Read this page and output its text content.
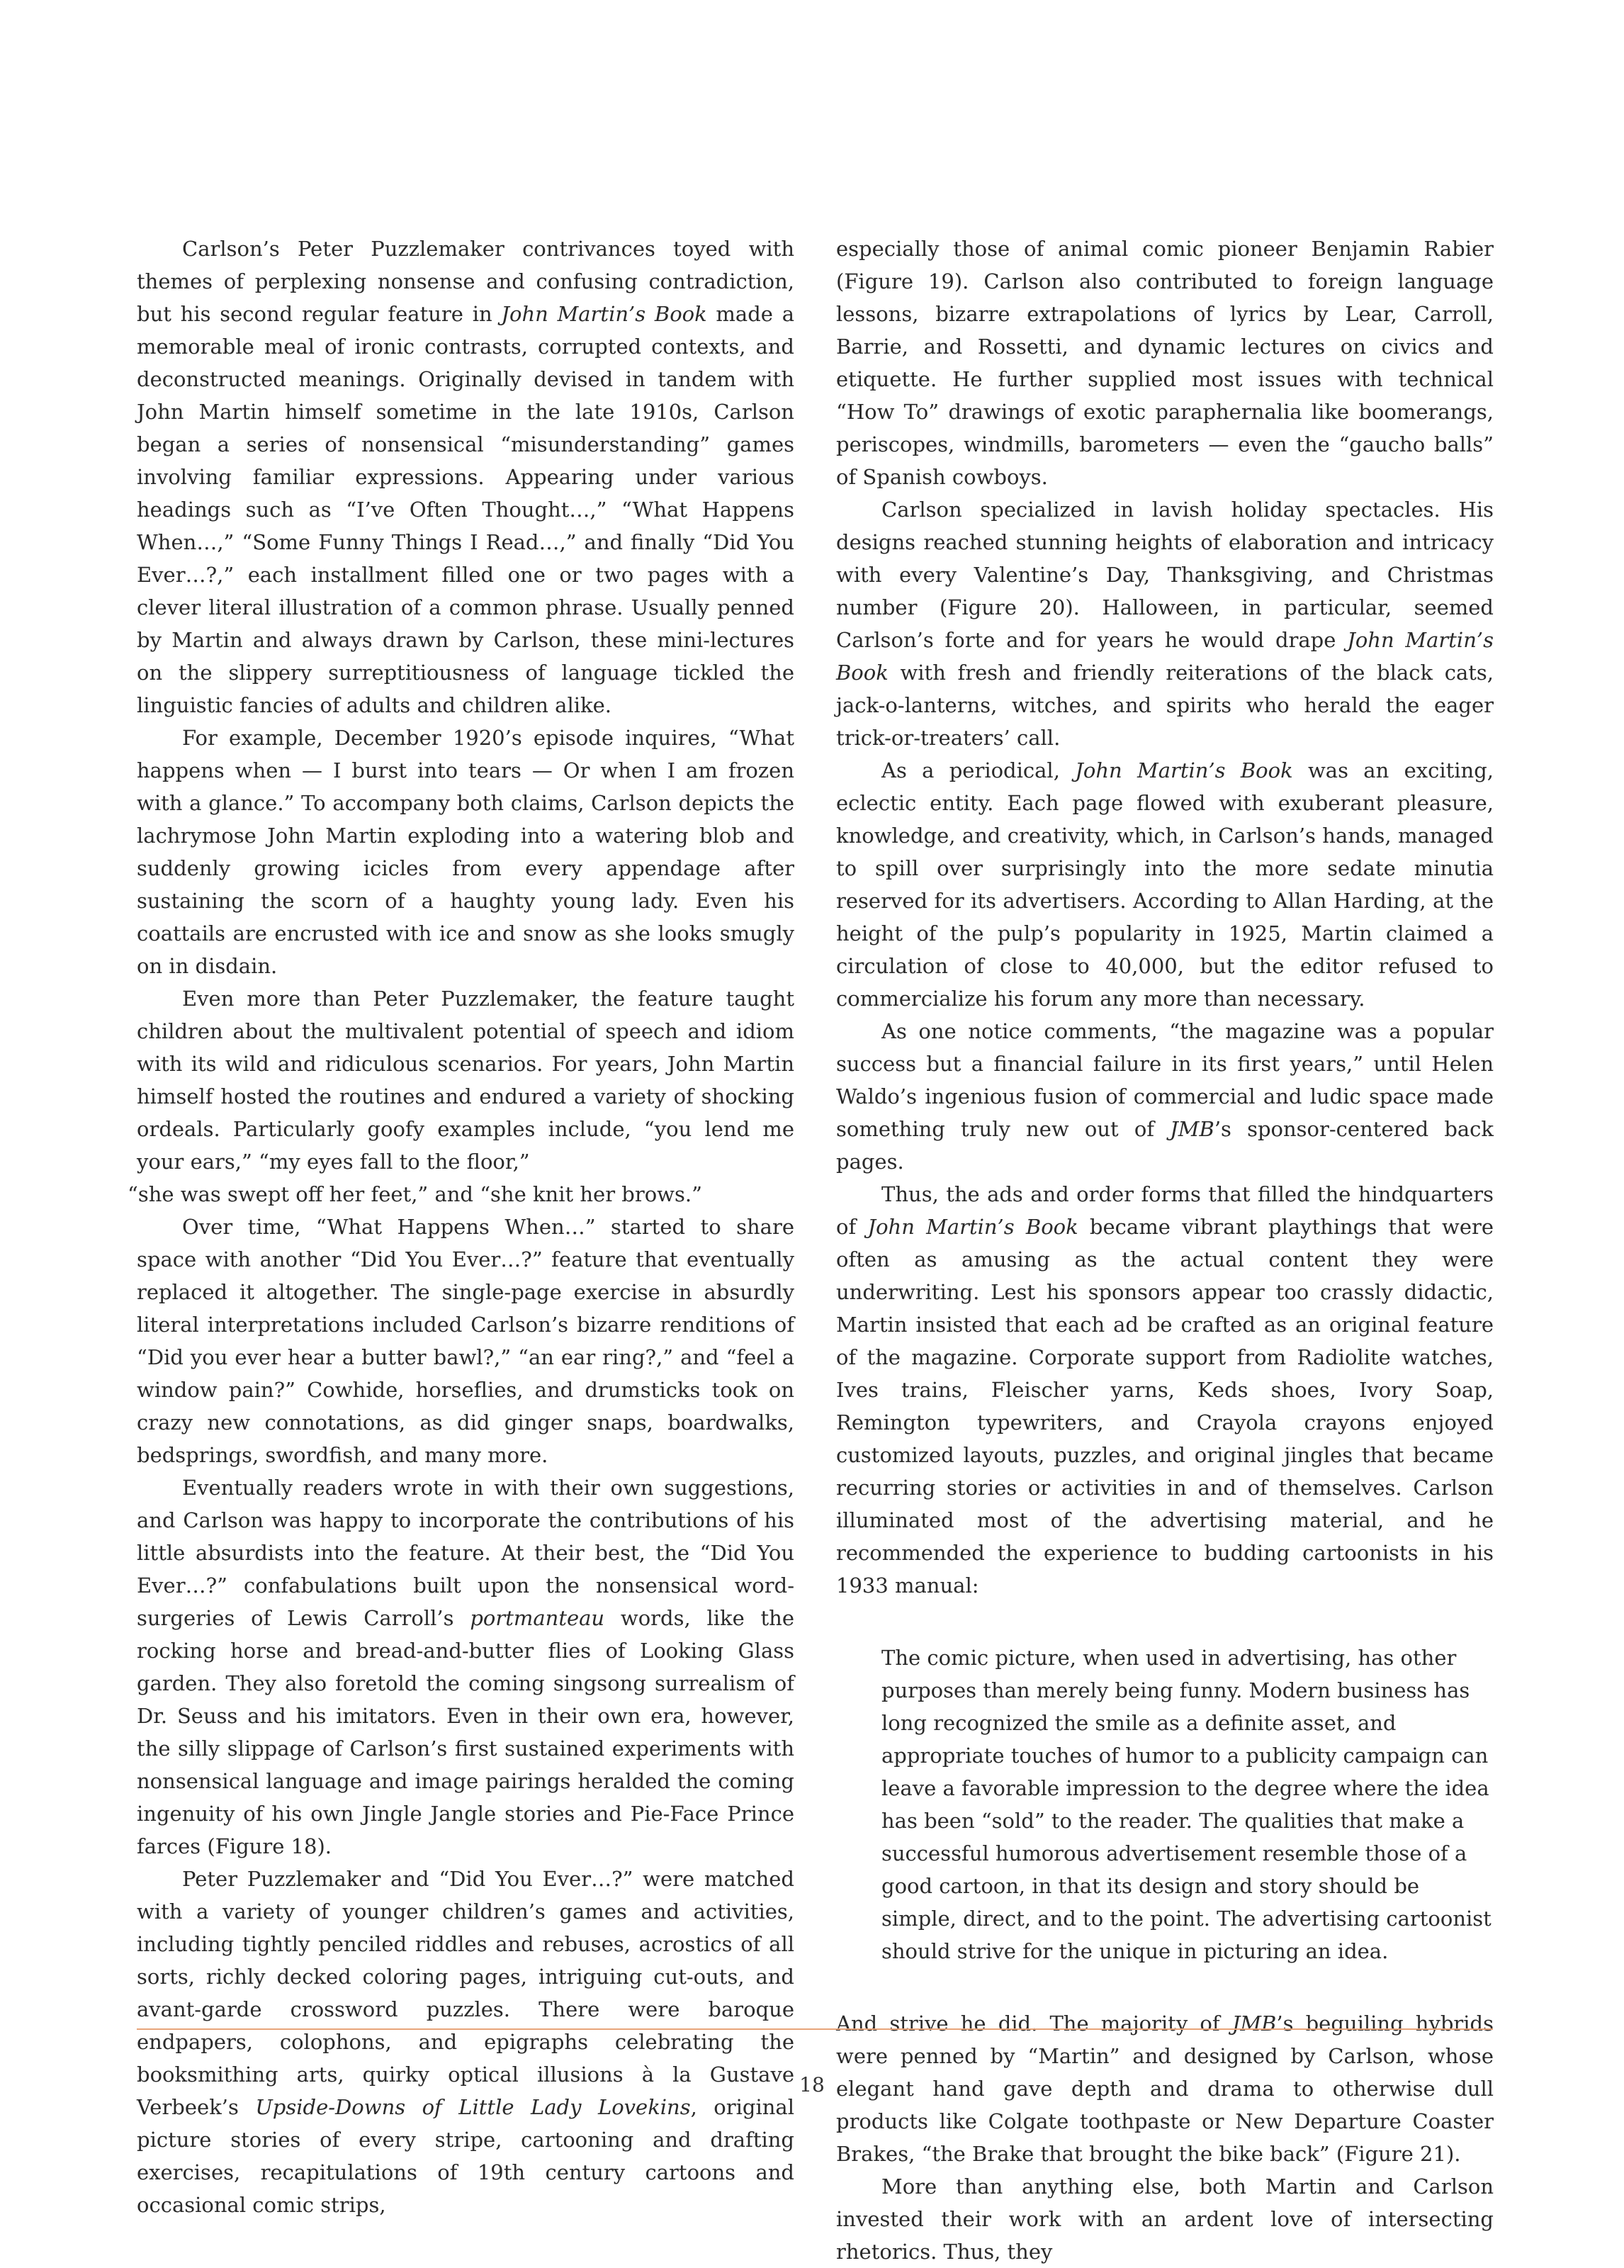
Carlson’s Peter Puzzlemaker contrivances toyed with themes of perplexing nonsense and confusing contradiction, but his second regular feature in John Martin’s Book made a memorable meal of ironic contrasts, corrupted contexts, and deconstructed meanings. Originally devised in tandem with John Martin himself sometime in the late 1910s, Carlson began a series of nonsensical “misunderstanding” games involving familiar expressions. Appearing under various headings such as “I’ve Often Thought…,” “What Happens When…,” “Some Funny Things I Read…,” and finally “Did You Ever…?,” each installment filled one or two pages with a clever literal illustration of a common phrase. Usually penned by Martin and always drawn by Carlson, these mini-lectures on the slippery surreptitiousness of language tickled the linguistic fancies of adults and children alike.

For example, December 1920’s episode inquires, “What happens when — I burst into tears — Or when I am frozen with a glance.” To accompany both claims, Carlson depicts the lachrymose John Martin exploding into a watering blob and suddenly growing icicles from every appendage after sustaining the scorn of a haughty young lady. Even his coattails are encrusted with ice and snow as she looks smugly on in disdain.

Even more than Peter Puzzlemaker, the feature taught children about the multivalent potential of speech and idiom with its wild and ridiculous scenarios. For years, John Martin himself hosted the routines and endured a variety of shocking ordeals. Particularly goofy examples include, “you lend me your ears,” “my eyes fall to the floor,”

“she was swept off her feet,” and “she knit her brows.”

Over time, “What Happens When…” started to share space with another “Did You Ever…?” feature that eventually replaced it altogether. The single-page exercise in absurdly literal interpretations included Carlson’s bizarre renditions of “Did you ever hear a butter bawl?,” “an ear ring?,” and “feel a window pain?” Cowhide, horseflies, and drumsticks took on crazy new connotations, as did ginger snaps, boardwalks, bedsprings, swordfish, and many more.

Eventually readers wrote in with their own suggestions, and Carlson was happy to incorporate the contributions of his little absurdists into the feature. At their best, the “Did You Ever…?” confabulations built upon the nonsensical word-surgeries of Lewis Carroll’s portmanteau words, like the rocking horse and bread-and-butter flies of Looking Glass garden. They also foretold the coming singsong surrealism of Dr. Seuss and his imitators. Even in their own era, however, the silly slippage of Carlson’s first sustained experiments with nonsensical language and image pairings heralded the coming ingenuity of his own Jingle Jangle stories and Pie-Face Prince farces (Figure 18).

Peter Puzzlemaker and “Did You Ever…?” were matched with a variety of younger children’s games and activities, including tightly penciled riddles and rebuses, acrostics of all sorts, richly decked coloring pages, intriguing cut-outs, and avant-garde crossword puzzles. There were baroque endpapers, colophons, and epigraphs celebrating the booksmithing arts, quirky optical illusions à la Gustave Verbeek’s Upside-Downs of Little Lady Lovekins, original picture stories of every stripe, cartooning and drafting exercises, recapitulations of 19th century cartoons and occasional comic strips,

especially those of animal comic pioneer Benjamin Rabier (Figure 19). Carlson also contributed to foreign language lessons, bizarre extrapolations of lyrics by Lear, Carroll, Barrie, and Rossetti, and dynamic lectures on civics and etiquette. He further supplied most issues with technical “How To” drawings of exotic paraphernalia like boomerangs, periscopes, windmills, barometers — even the “gaucho balls” of Spanish cowboys.

Carlson specialized in lavish holiday spectacles. His designs reached stunning heights of elaboration and intricacy with every Valentine’s Day, Thanksgiving, and Christmas number (Figure 20). Halloween, in particular, seemed Carlson’s forte and for years he would drape John Martin’s Book with fresh and friendly reiterations of the black cats, jack-o-lanterns, witches, and spirits who herald the eager trick-or-treaters’ call.

As a periodical, John Martin’s Book was an exciting, eclectic entity. Each page flowed with exuberant pleasure, knowledge, and creativity, which, in Carlson’s hands, managed to spill over surprisingly into the more sedate minutia reserved for its advertisers. According to Allan Harding, at the height of the pulp’s popularity in 1925, Martin claimed a circulation of close to 40,000, but the editor refused to commercialize his forum any more than necessary.

As one notice comments, “the magazine was a popular success but a financial failure in its first years,” until Helen Waldo’s ingenious fusion of commercial and ludic space made something truly new out of JMB’s sponsor-centered back pages.

Thus, the ads and order forms that filled the hindquarters of John Martin’s Book became vibrant playthings that were often as amusing as the actual content they were underwriting. Lest his sponsors appear too crassly didactic, Martin insisted that each ad be crafted as an original feature of the magazine. Corporate support from Radiolite watches, Ives trains, Fleischer yarns, Keds shoes, Ivory Soap, Remington typewriters, and Crayola crayons enjoyed customized layouts, puzzles, and original jingles that became recurring stories or activities in and of themselves. Carlson illuminated most of the advertising material, and he recommended the experience to budding cartoonists in his 1933 manual:

The comic picture, when used in advertising, has other purposes than merely being funny. Modern business has long recognized the smile as a definite asset, and appropriate touches of humor to a publicity campaign can leave a favorable impression to the degree where the idea has been “sold” to the reader. The qualities that make a successful humorous advertisement resemble those of a good cartoon, in that its design and story should be simple, direct, and to the point. The advertising cartoonist should strive for the unique in picturing an idea.

And strive he did. The majority of JMB’s beguiling hybrids were penned by “Martin” and designed by Carlson, whose elegant hand gave depth and drama to otherwise dull products like Colgate toothpaste or New Departure Coaster Brakes, “the Brake that brought the bike back” (Figure 21).

More than anything else, both Martin and Carlson invested their work with an ardent love of intersecting rhetorics. Thus, they

18
